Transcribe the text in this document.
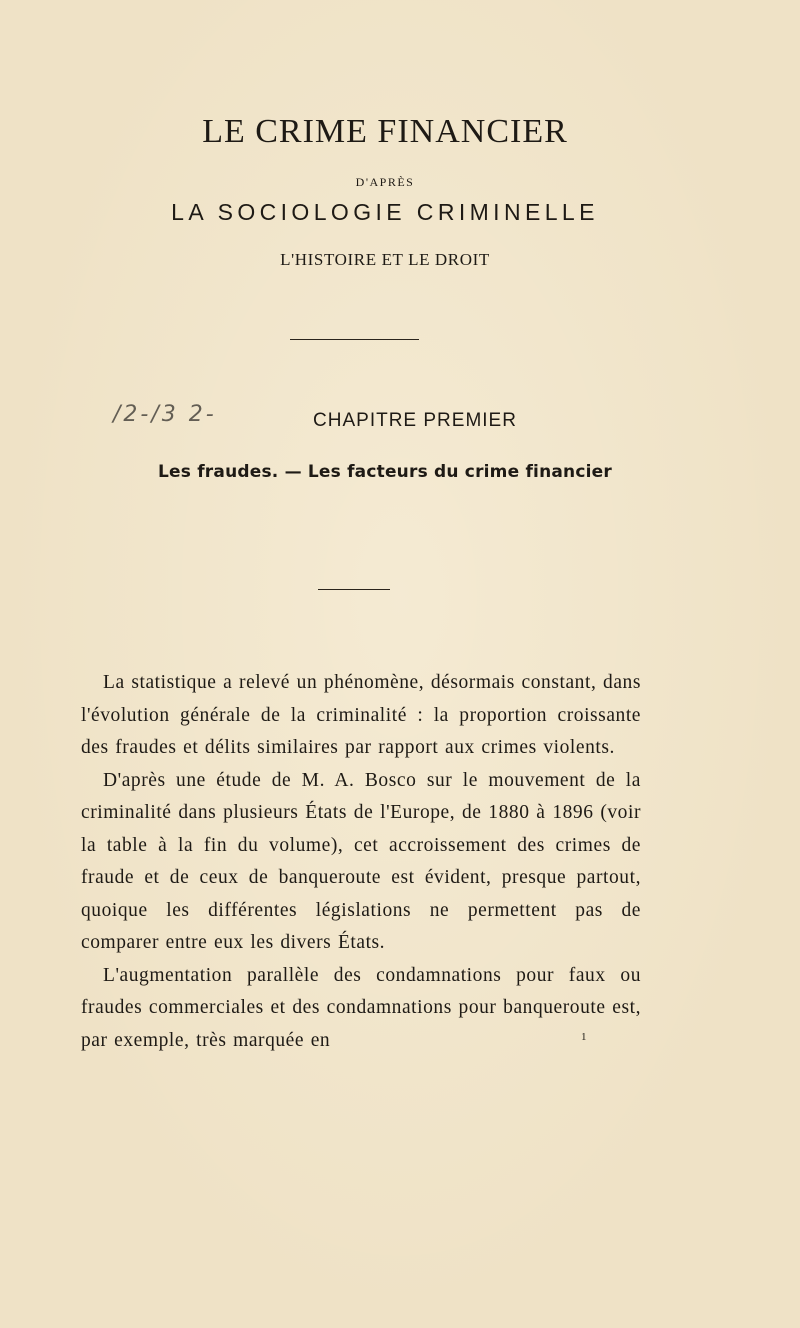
LE CRIME FINANCIER
D'APRÈS
LA SOCIOLOGIE CRIMINELLE
L'HISTOIRE ET LE DROIT
/2-/3 2-	CHAPITRE PREMIER
Les fraudes. — Les facteurs du crime financier

La statistique a relevé un phénomène, désormais constant, dans l'évolution générale de la criminalité : la proportion croissante des fraudes et délits similaires par rapport aux crimes violents.

D'après une étude de M. A. Bosco sur le mouvement de la criminalité dans plusieurs États de l'Europe, de 1880 à 1896 (voir la table à la fin du volume), cet accroissement des crimes de fraude et de ceux de banqueroute est évident, presque partout, quoique les différentes législations ne permettent pas de comparer entre eux les divers États.

L'augmentation parallèle des condamnations pour faux ou fraudes commerciales et des condamnations pour banqueroute est, par exemple, très marquée en	1
